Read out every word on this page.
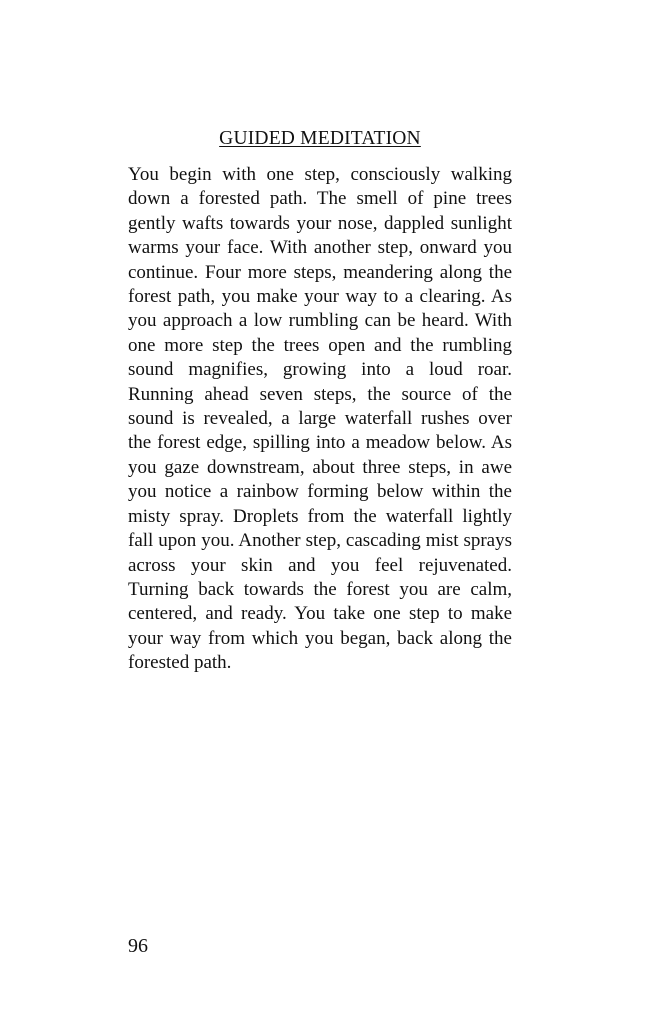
GUIDED MEDITATION

You begin with one step, consciously walking down a forested path. The smell of pine trees gently wafts towards your nose, dappled sunlight warms your face. With another step, onward you continue. Four more steps, meandering along the forest path, you make your way to a clearing. As you approach a low rumbling can be heard. With one more step the trees open and the rumbling sound magnifies, growing into a loud roar. Running ahead seven steps, the source of the sound is revealed, a large waterfall rushes over the forest edge, spilling into a meadow below. As you gaze downstream, about three steps, in awe you notice a rainbow forming below within the misty spray. Droplets from the waterfall lightly fall upon you. Another step, cascading mist sprays across your skin and you feel rejuvenated. Turning back towards the forest you are calm, centered, and ready. You take one step to make your way from which you began, back along the forested path.

96
